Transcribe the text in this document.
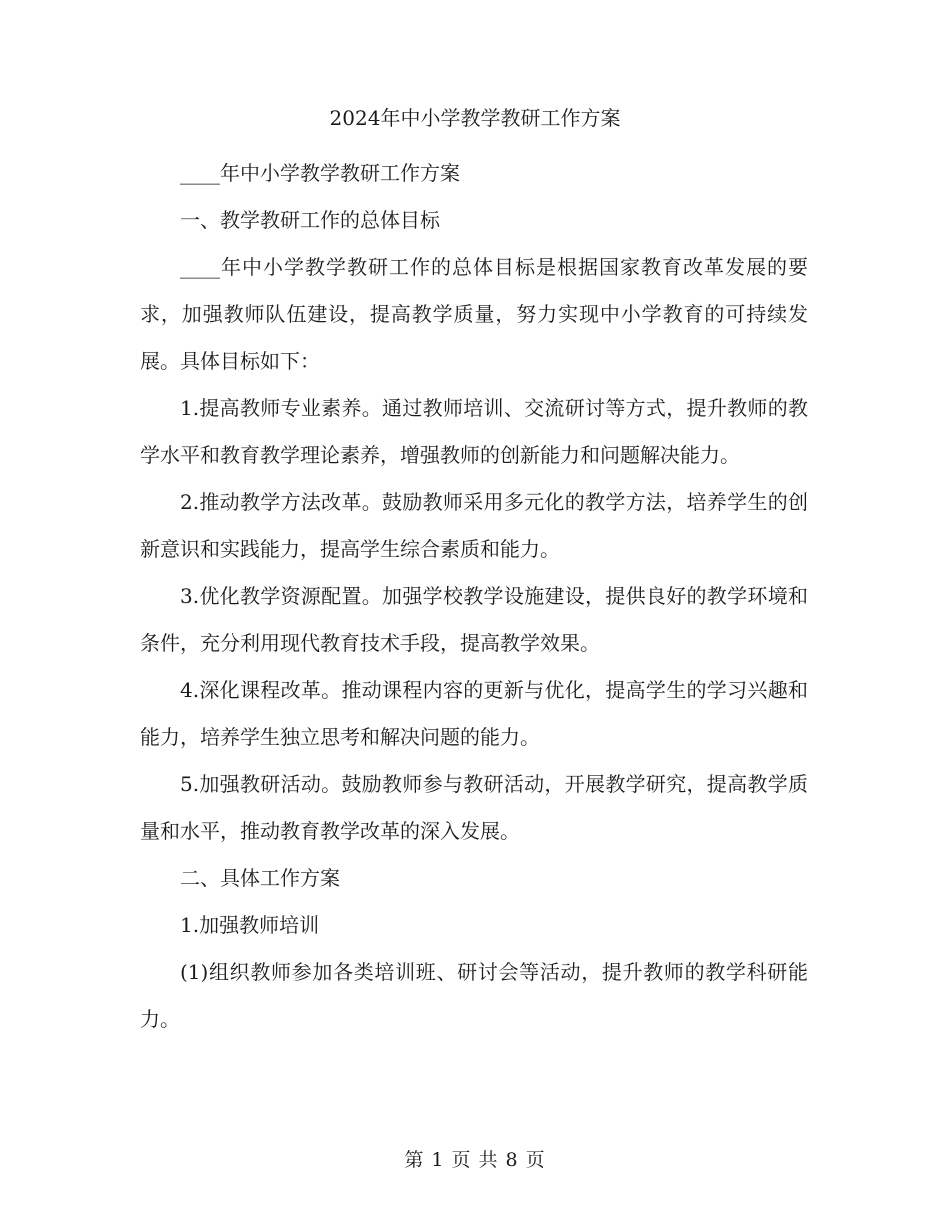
2024年中小学教学教研工作方案

____年中小学教学教研工作方案

一、教学教研工作的总体目标

____年中小学教学教研工作的总体目标是根据国家教育改革发展的要求，加强教师队伍建设，提高教学质量，努力实现中小学教育的可持续发展。具体目标如下：

1.提高教师专业素养。通过教师培训、交流研讨等方式，提升教师的教学水平和教育教学理论素养，增强教师的创新能力和问题解决能力。

2.推动教学方法改革。鼓励教师采用多元化的教学方法，培养学生的创新意识和实践能力，提高学生综合素质和能力。

3.优化教学资源配置。加强学校教学设施建设，提供良好的教学环境和条件，充分利用现代教育技术手段，提高教学效果。

4.深化课程改革。推动课程内容的更新与优化，提高学生的学习兴趣和能力，培养学生独立思考和解决问题的能力。

5.加强教研活动。鼓励教师参与教研活动，开展教学研究，提高教学质量和水平，推动教育教学改革的深入发展。

二、具体工作方案

1.加强教师培训

(1)组织教师参加各类培训班、研讨会等活动，提升教师的教学科研能力。

第 1 页 共 8 页
